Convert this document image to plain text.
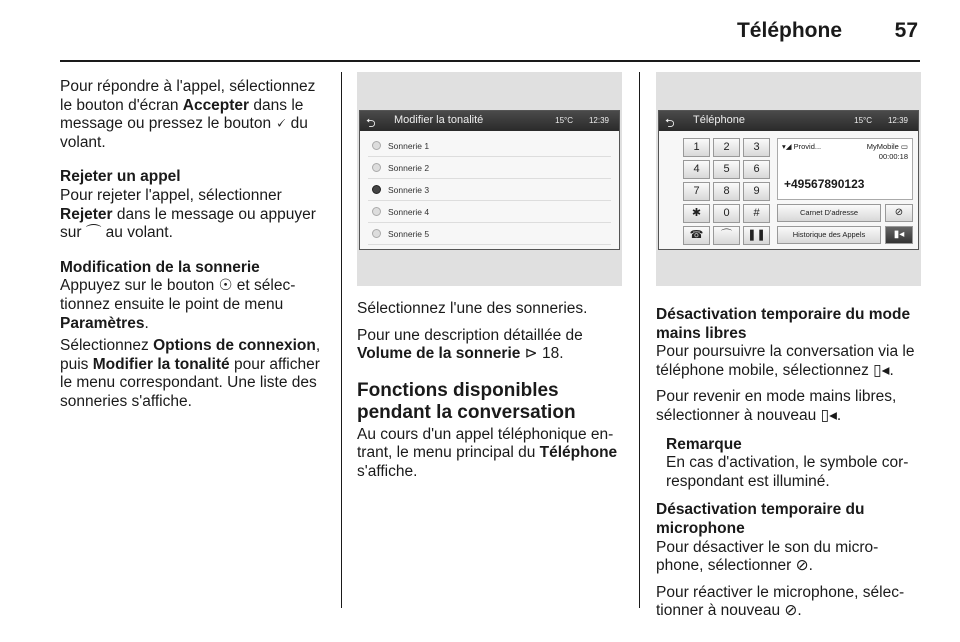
Téléphone	57

Pour répondre à l'appel, sélectionnez le bouton d'écran Accepter dans le message ou pressez le bouton 🗸 du volant.

Rejeter un appel
Pour rejeter l'appel, sélectionner Rejeter dans le message ou appuyer sur ⌒ au volant.

Modification de la sonnerie
Appuyez sur le bouton ☉ et sélec- tionnez ensuite le point de menu Paramètres.

Sélectionnez Options de connexion, puis Modifier la tonalité pour afficher le menu correspondant. Une liste des sonneries s'affiche.

⮌ Modifier la tonalité	15°C 12:39
Sonnerie 1
Sonnerie 2
Sonnerie 3
Sonnerie 4
Sonnerie 5

Sélectionnez l'une des sonneries.

Pour une description détaillée de Volume de la sonnerie ⊳ 18.

Fonctions disponibles pendant la conversation

Au cours d'un appel téléphonique en- trant, le menu principal du Téléphone s'affiche.

⮌ Téléphone	15°C 12:39
1	2	3
4	5	6
7	8	9
✱	0	#
☎	⌒	❚❚
▾◢ Provid...	MyMobile ▭
00:00:18
+49567890123
Carnet D'adresse	⊘
Historique des Appels	▮◂

Désactivation temporaire du mode mains libres
Pour poursuivre la conversation via le téléphone mobile, sélectionnez ▯◂.

Pour revenir en mode mains libres, sélectionner à nouveau ▯◂.

Remarque
En cas d'activation, le symbole cor- respondant est illuminé.

Désactivation temporaire du microphone
Pour désactiver le son du micro- phone, sélectionner ⊘.

Pour réactiver le microphone, sélec- tionner à nouveau ⊘.
